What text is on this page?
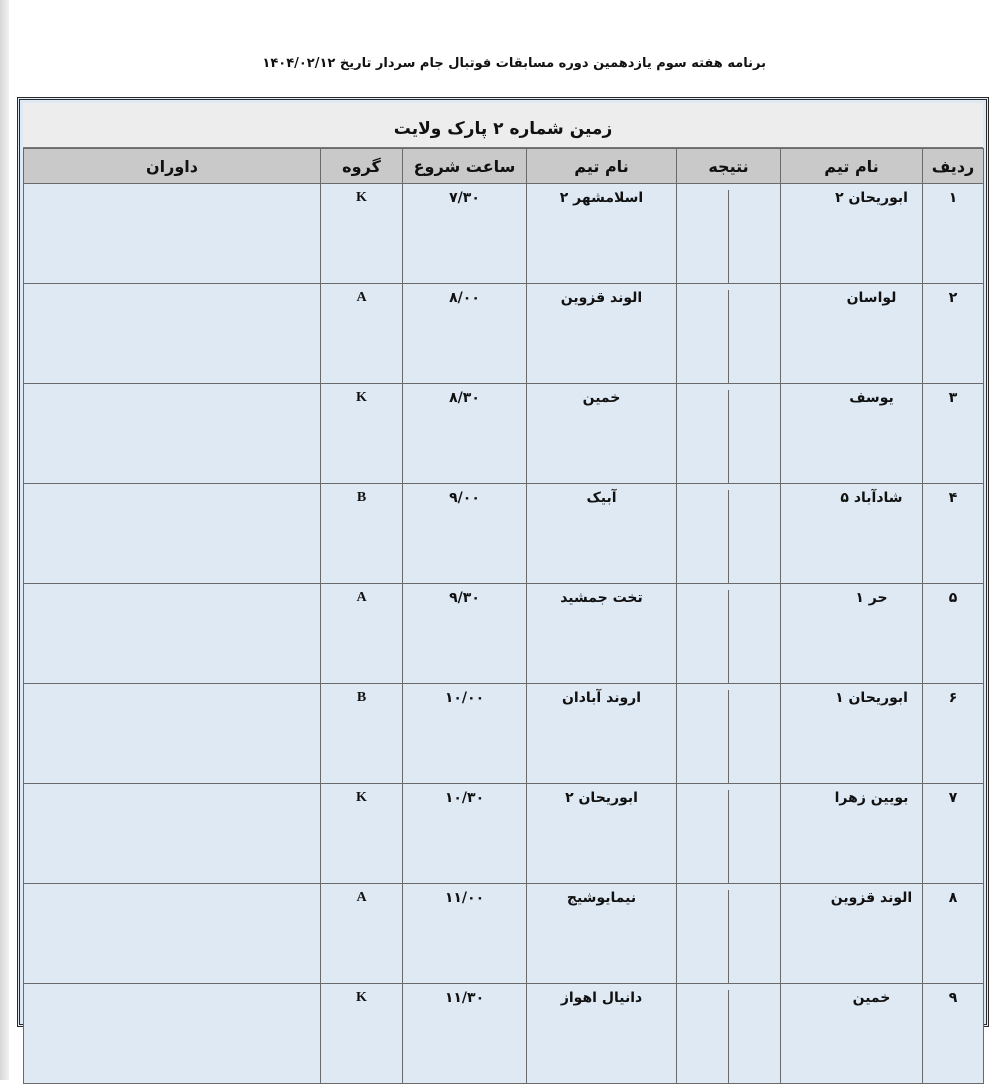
برنامه هفته سوم یازدهمین دوره مسابقات فوتبال جام سردار تاریخ ۱۴۰۴/۰۲/۱۲
زمین شماره ۲ پارک ولایت
ردیف	نام تیم	نتیجه	نام تیم	ساعت شروع	گروه	داوران
۱	ابوریحان ۲		اسلامشهر ۲	۷/۳۰	K	
۲	لواسان		الوند قزوین	۸/۰۰	A	
۳	یوسف		خمین	۸/۳۰	K	
۴	شادآباد ۵		آبیک	۹/۰۰	B	
۵	حر ۱		تخت جمشید	۹/۳۰	A	
۶	ابوریحان ۱		اروند آبادان	۱۰/۰۰	B	
۷	بویین زهرا		ابوریحان ۲	۱۰/۳۰	K	
۸	الوند قزوین		نیمایوشیج	۱۱/۰۰	A	
۹	خمین		دانیال اهواز	۱۱/۳۰	K	
